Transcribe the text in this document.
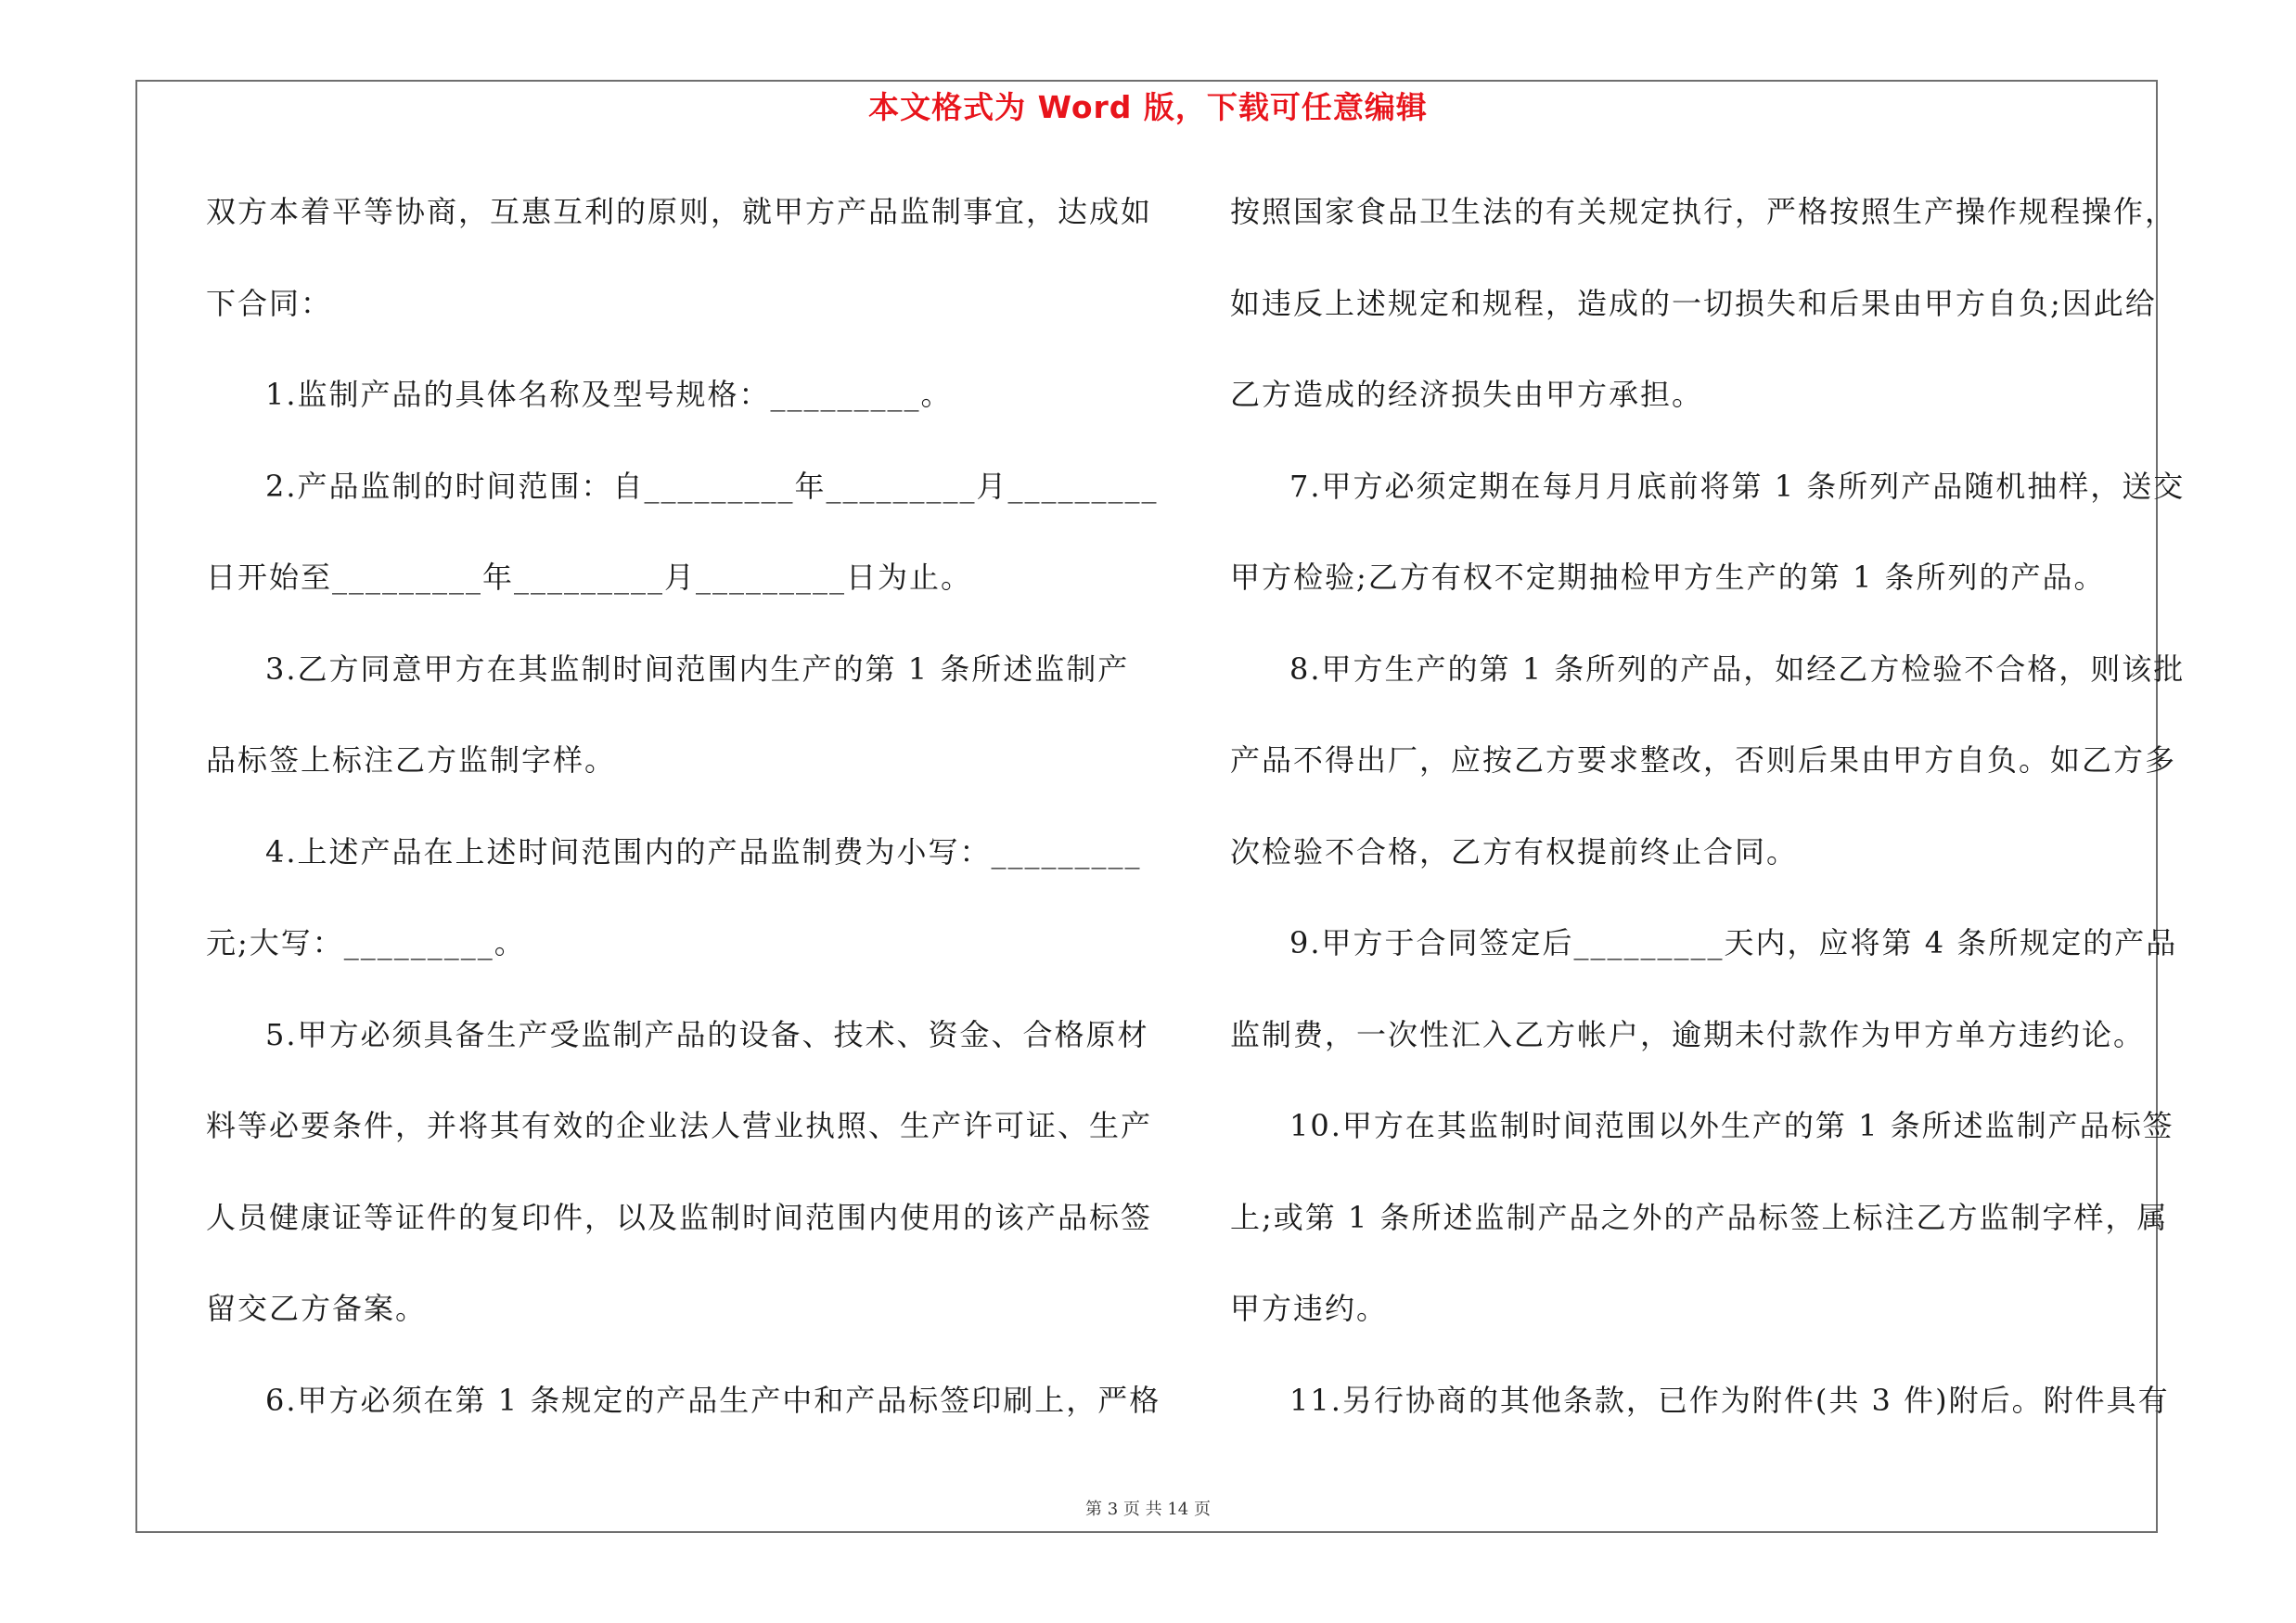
本文格式为 Word 版，下载可任意编辑
双方本着平等协商，互惠互利的原则，就甲方产品监制事宜，达成如
下合同：
1.监制产品的具体名称及型号规格：_________。
2.产品监制的时间范围：自_________年_________月_________
日开始至_________年_________月_________日为止。
3.乙方同意甲方在其监制时间范围内生产的第 1 条所述监制产
品标签上标注乙方监制字样。
4.上述产品在上述时间范围内的产品监制费为小写：_________
元;大写：_________。
5.甲方必须具备生产受监制产品的设备、技术、资金、合格原材
料等必要条件，并将其有效的企业法人营业执照、生产许可证、生产
人员健康证等证件的复印件，以及监制时间范围内使用的该产品标签
留交乙方备案。
6.甲方必须在第 1 条规定的产品生产中和产品标签印刷上，严格
按照国家食品卫生法的有关规定执行，严格按照生产操作规程操作，
如违反上述规定和规程，造成的一切损失和后果由甲方自负;因此给
乙方造成的经济损失由甲方承担。
7.甲方必须定期在每月月底前将第 1 条所列产品随机抽样，送交
甲方检验;乙方有权不定期抽检甲方生产的第 1 条所列的产品。
8.甲方生产的第 1 条所列的产品，如经乙方检验不合格，则该批
产品不得出厂，应按乙方要求整改，否则后果由甲方自负。如乙方多
次检验不合格，乙方有权提前终止合同。
9.甲方于合同签定后_________天内，应将第 4 条所规定的产品
监制费，一次性汇入乙方帐户，逾期未付款作为甲方单方违约论。
10.甲方在其监制时间范围以外生产的第 1 条所述监制产品标签
上;或第 1 条所述监制产品之外的产品标签上标注乙方监制字样，属
甲方违约。
11.另行协商的其他条款，已作为附件(共 3 件)附后。附件具有
第 3 页 共 14 页
